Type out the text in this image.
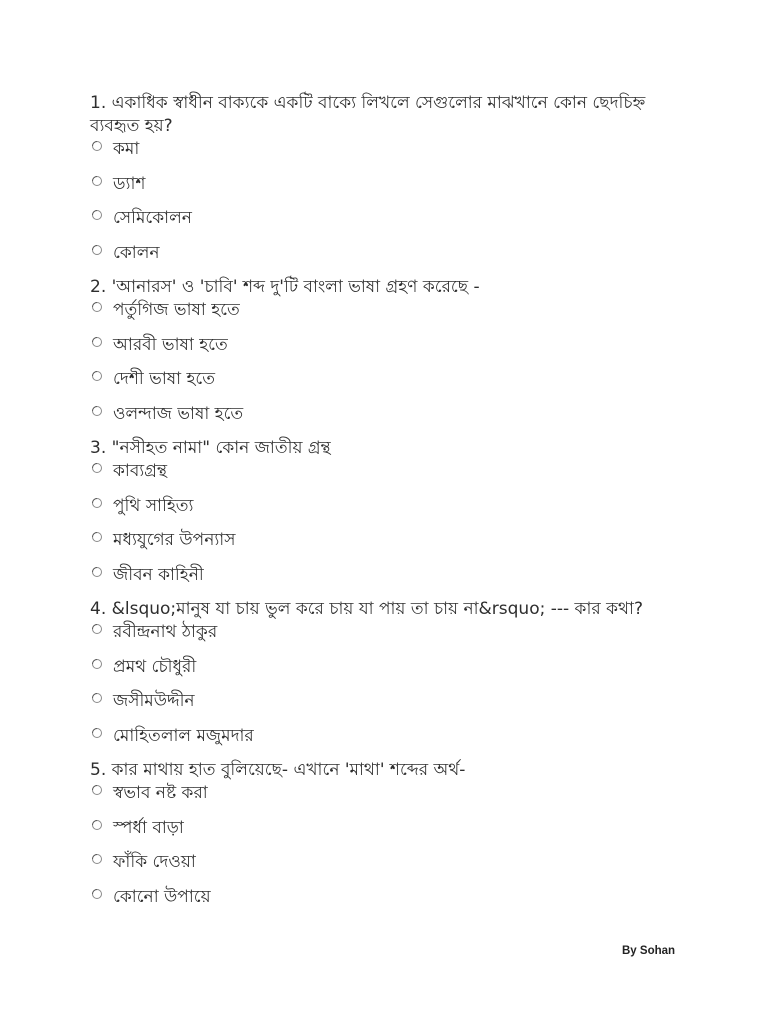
1. একাধিক স্বাধীন বাক্যকে একটি বাক্যে লিখলে সেগুলোর মাঝখানে কোন ছেদচিহ্ন ব্যবহৃত হয়?
কমা
ড্যাশ
সেমিকোলন
কোলন
2. 'আনারস' ও 'চাবি' শব্দ দু'টি বাংলা ভাষা গ্রহণ করেছে -
পর্তুগিজ ভাষা হতে
আরবী ভাষা হতে
দেশী ভাষা হতে
ওলন্দাজ ভাষা হতে
3. "নসীহত নামা" কোন জাতীয় গ্রন্থ
কাব্যগ্রন্থ
পুথি সাহিত্য
মধ্যযুগের উপন্যাস
জীবন কাহিনী
4. &lsquo;মানুষ যা চায় ভুল করে চায় যা পায় তা চায় না&rsquo; --- কার কথা?
রবীন্দ্রনাথ ঠাকুর
প্রমথ চৌধুরী
জসীমউদ্দীন
মোহিতলাল মজুমদার
5. কার মাথায় হাত বুলিয়েছে- এখানে 'মাথা' শব্দের অর্থ-
স্বভাব নষ্ট করা
স্পর্ধা বাড়া
ফাঁকি দেওয়া
কোনো উপায়ে
By Sohan
